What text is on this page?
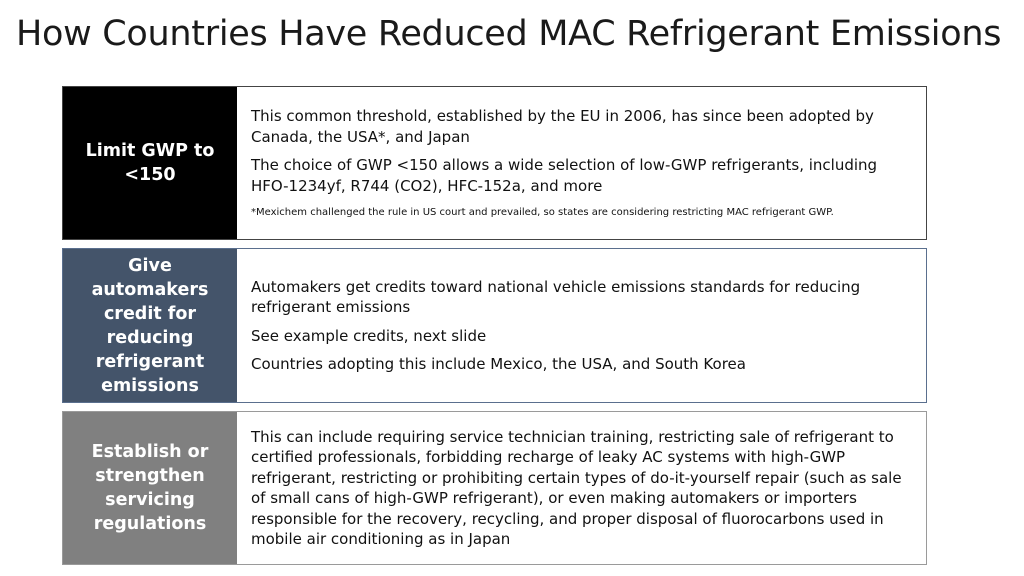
How Countries Have Reduced MAC Refrigerant Emissions
Limit GWP to <150

This common threshold, established by the EU in 2006, has since been adopted by Canada, the USA*, and Japan

The choice of GWP <150 allows a wide selection of low-GWP refrigerants, including HFO-1234yf, R744 (CO2), HFC-152a, and more

*Mexichem challenged the rule in US court and prevailed, so states are considering restricting MAC refrigerant GWP.
Give automakers credit for reducing refrigerant emissions

Automakers get credits toward national vehicle emissions standards for reducing refrigerant emissions

See example credits, next slide

Countries adopting this include Mexico, the USA, and South Korea

Establish or strengthen servicing regulations

This can include requiring service technician training, restricting sale of refrigerant to certified professionals, forbidding recharge of leaky AC systems with high-GWP refrigerant, restricting or prohibiting certain types of do-it-yourself repair (such as sale of small cans of high-GWP refrigerant), or even making automakers or importers responsible for the recovery, recycling, and proper disposal of fluorocarbons used in mobile air conditioning as in Japan
